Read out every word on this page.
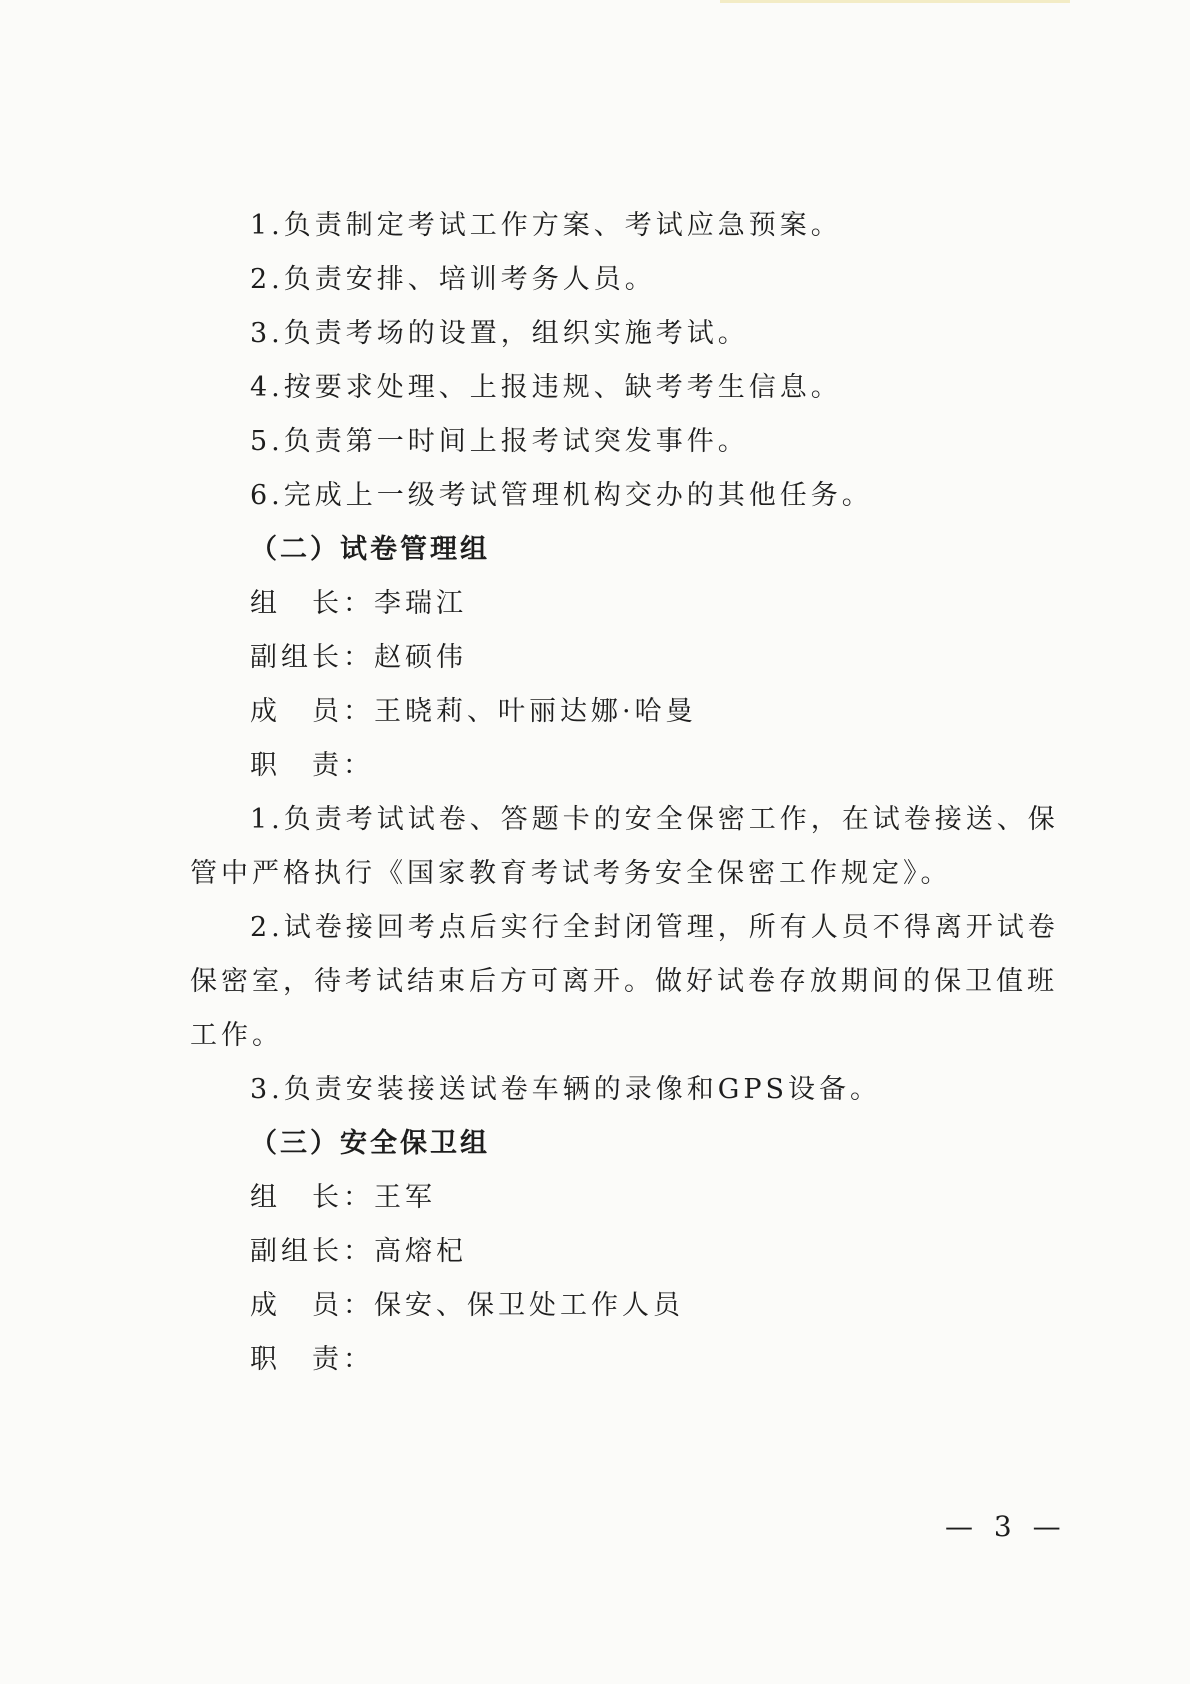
1.负责制定考试工作方案、考试应急预案。
2.负责安排、培训考务人员。
3.负责考场的设置，组织实施考试。
4.按要求处理、上报违规、缺考考生信息。
5.负责第一时间上报考试突发事件。
6.完成上一级考试管理机构交办的其他任务。
（二）试卷管理组
组　长：李瑞江
副组长：赵硕伟
成　员：王晓莉、叶丽达娜·哈曼
职　责：
1.负责考试试卷、答题卡的安全保密工作，在试卷接送、保
管中严格执行《国家教育考试考务安全保密工作规定》。
2.试卷接回考点后实行全封闭管理，所有人员不得离开试卷
保密室，待考试结束后方可离开。做好试卷存放期间的保卫值班
工作。
3.负责安装接送试卷车辆的录像和GPS设备。
（三）安全保卫组
组　长：王军
副组长：高熔杞
成　员：保安、保卫处工作人员
职　责：
— 3 —
